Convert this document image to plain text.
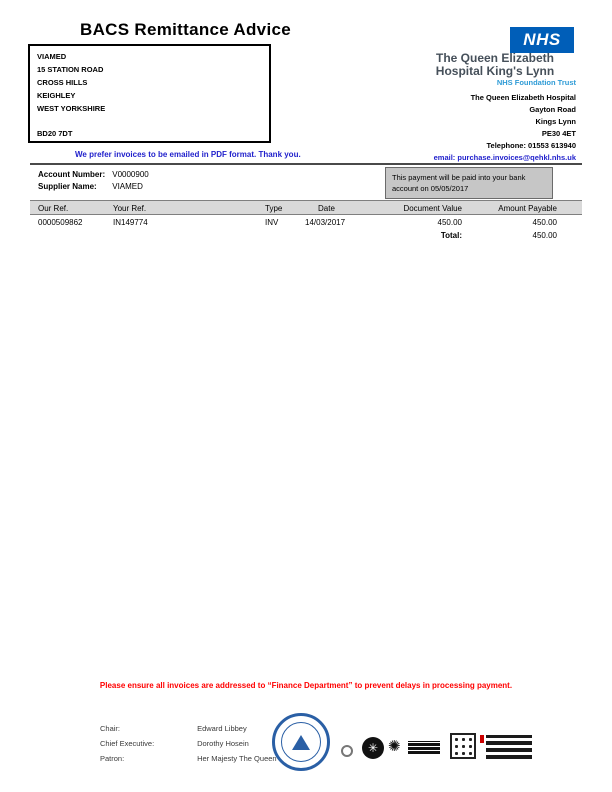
BACS Remittance Advice
VIAMED
15 STATION ROAD
CROSS HILLS
KEIGHLEY
WEST YORKSHIRE
BD20 7DT
NHS
The Queen Elizabeth
Hospital King's Lynn
NHS Foundation Trust
The Queen Elizabeth Hospital
Gayton Road
Kings Lynn
PE30 4ET
Telephone: 01553 613940
email: purchase.invoices@qehkl.nhs.uk
We prefer invoices to be emailed in PDF format. Thank you.
Account Number: V0000900
Supplier Name: VIAMED
This payment will be paid into your bank account on 05/05/2017
Our Ref.	Your Ref.	Type	Date	Document Value	Amount Payable
0000509862	IN149774	INV	14/03/2017	450.00	450.00
Total:	450.00
Please ensure all invoices are addressed to “Finance Department” to prevent delays in processing payment.
Chair:	Edward Libbey
Chief Executive:	Dorothy Hosein
Patron:	Her Majesty The Queen
✳
✺
